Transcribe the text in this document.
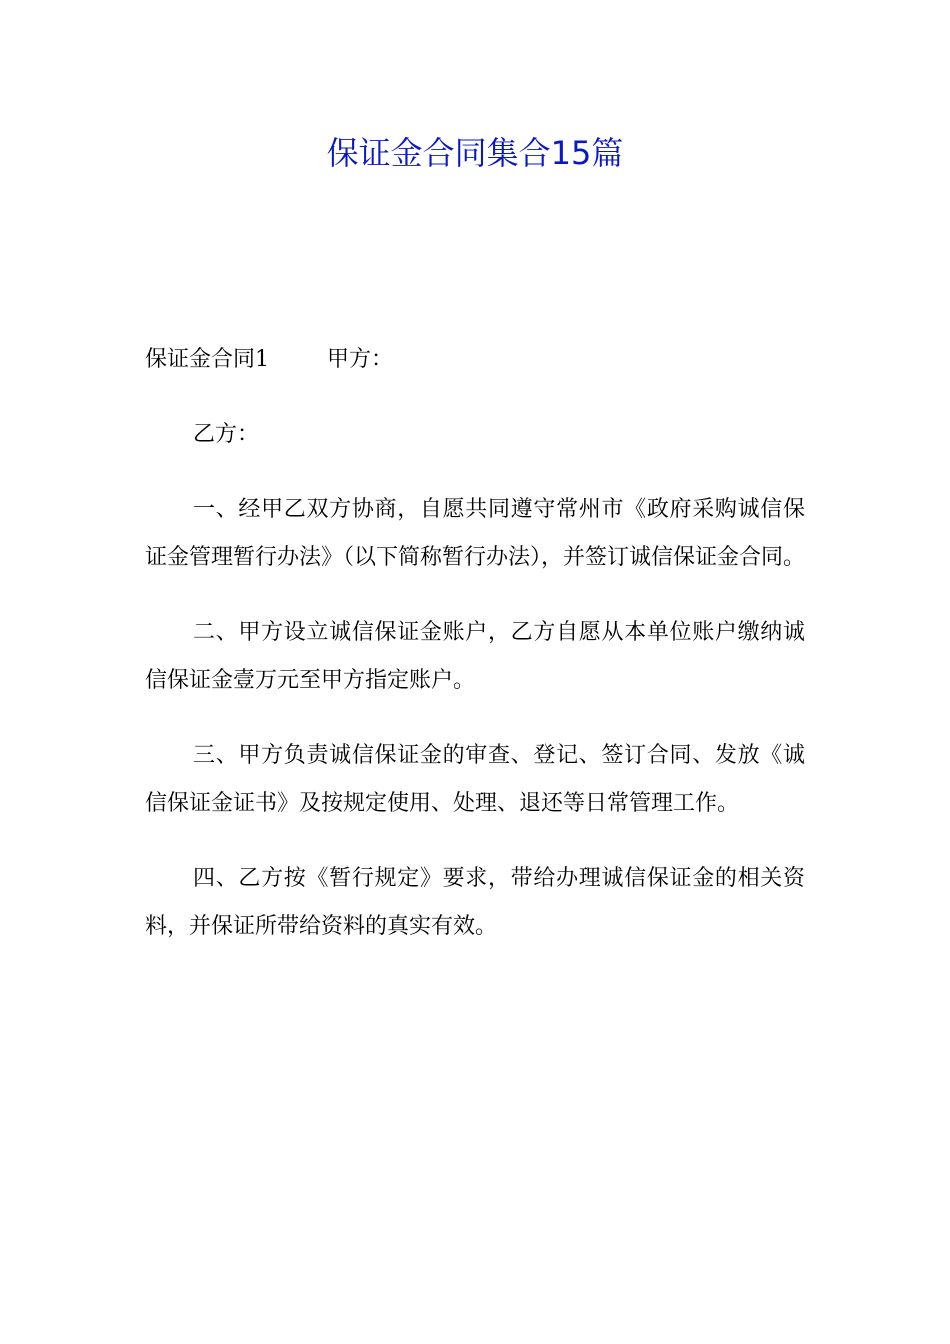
保证金合同集合15篇

保证金合同1	甲方：

乙方：

一、经甲乙双方协商，自愿共同遵守常州市《政府采购诚信保证金管理暂行办法》（以下简称暂行办法），并签订诚信保证金合同。

二、甲方设立诚信保证金账户，乙方自愿从本单位账户缴纳诚信保证金壹万元至甲方指定账户。

三、甲方负责诚信保证金的审查、登记、签订合同、发放《诚信保证金证书》及按规定使用、处理、退还等日常管理工作。

四、乙方按《暂行规定》要求，带给办理诚信保证金的相关资料，并保证所带给资料的真实有效。
